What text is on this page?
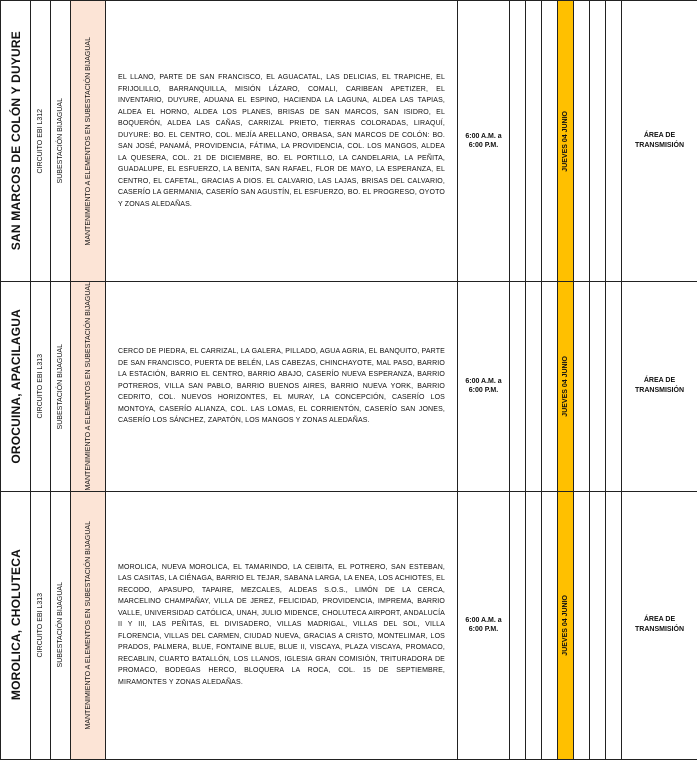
SAN MARCOS DE COLÓN Y DUYURE	CIRCUITO EBI L312	SUBESTACIÓN BIJAGUAL	MANTENIMIENTO A ELEMENTOS EN SUBESTACIÓN BIJAGUAL	EL LLANO, PARTE DE SAN FRANCISCO, EL AGUACATAL, LAS DELICIAS, EL TRAPICHE, EL FRIJOLILLO, BARRANQUILLA, MISIÓN LÁZARO, COMALI, CARIBEAN APETIZER, EL INVENTARIO, DUYURE, ADUANA EL ESPINO, HACIENDA LA LAGUNA, ALDEA LAS TAPIAS, ALDEA EL HORNO, ALDEA LOS PLANES, BRISAS DE SAN MARCOS, SAN ISIDRO, EL BOQUERÓN, ALDEA LAS CAÑAS, CARRIZAL PRIETO, TIERRAS COLORADAS, LIRAQUÍ, DUYURE: BO. EL CENTRO, COL. MEJÍA ARELLANO, ORBASA, SAN MARCOS DE COLÓN: BO. SAN JOSÉ, PANAMÁ, PROVIDENCIA, FÁTIMA, LA PROVIDENCIA, COL. LOS MANGOS, ALDEA LA QUESERA, COL. 21 DE DICIEMBRE, BO. EL PORTILLO, LA CANDELARIA, LA PEÑITA, GUADALUPE, EL ESFUERZO, LA BENITA, SAN RAFAEL, FLOR DE MAYO, LA ESPERANZA, EL CENTRO, EL CAFETAL, GRACIAS A DIOS. EL CALVARIO, LAS LAJAS, BRISAS DEL CALVARIO, CASERÍO LA GERMANIA, CASERÍO SAN AGUSTÍN, EL ESFUERZO, BO. EL PROGRESO, OYOTO Y ZONAS ALEDAÑAS.	6:00 A.M. a 6:00 P.M.				JUEVES 04 JUNIO				ÁREA DE TRANSMISIÓN

OROCUINA, APACILAGUA	CIRCUITO EBI L313	SUBESTACIÓN BIJAGUAL	MANTENIMIENTO A ELEMENTOS EN SUBESTACIÓN BIJAGUAL	CERCO DE PIEDRA, EL CARRIZAL, LA GALERA, PILLADO, AGUA AGRIA, EL BANQUITO, PARTE DE SAN FRANCISCO, PUERTA DE BELÉN, LAS CABEZAS, CHINCHAYOTE, MAL PASO, BARRIO LA ESTACIÓN, BARRIO EL CENTRO, BARRIO ABAJO, CASERÍO NUEVA ESPERANZA, BARRIO POTREROS, VILLA SAN PABLO, BARRIO BUENOS AIRES, BARRIO NUEVA YORK, BARRIO CEDRITO, COL. NUEVOS HORIZONTES, EL MURAY, LA CONCEPCIÓN, CASERÍO LOS MONTOYA, CASERÍO ALIANZA, COL. LAS LOMAS, EL CORRIENTÓN, CASERÍO SAN JONES, CASERÍO LOS SÁNCHEZ, ZAPATÓN, LOS MANGOS Y ZONAS ALEDAÑAS.	6:00 A.M. a 6:00 P.M.				JUEVES 04 JUNIO				ÁREA DE TRANSMISIÓN

MOROLICA, CHOLUTECA	CIRCUITO EBI L313	SUBESTACIÓN BIJAGUAL	MANTENIMIENTO A ELEMENTOS EN SUBESTACIÓN BIJAGUAL	MOROLICA, NUEVA MOROLICA, EL TAMARINDO, LA CEIBITA, EL POTRERO, SAN ESTEBAN, LAS CASITAS, LA CIÉNAGA, BARRIO EL TEJAR, SABANA LARGA, LA ENEA, LOS ACHIOTES, EL RECODO, APASUPO, TAPAIRE, MEZCALES, ALDEAS S.O.S., LIMÓN DE LA CERCA, MARCELINO CHAMPAÑAY, VILLA DE JEREZ, FELICIDAD, PROVIDENCIA, IMPREMA, BARRIO VALLE, UNIVERSIDAD CATÓLICA, UNAH, JULIO MIDENCE, CHOLUTECA AIRPORT, ANDALUCÍA II Y III, LAS PEÑITAS, EL DIVISADERO, VILLAS MADRIGAL, VILLAS DEL SOL, VILLA FLORENCIA, VILLAS DEL CARMEN, CIUDAD NUEVA, GRACIAS A CRISTO, MONTELIMAR, LOS PRADOS, PALMERA, BLUE, FONTAINE BLUE, BLUE II, VISCAYA, PLAZA VISCAYA, PROMACO, RECABLIN, CUARTO BATALLÓN, LOS LLANOS, IGLESIA GRAN COMISIÓN, TRITURADORA DE PROMACO, BODEGAS HERCO, BLOQUERA LA ROCA, COL. 15 DE SEPTIEMBRE, MIRAMONTES Y ZONAS ALEDAÑAS.	6:00 A.M. a 6:00 P.M.				JUEVES 04 JUNIO				ÁREA DE TRANSMISIÓN
